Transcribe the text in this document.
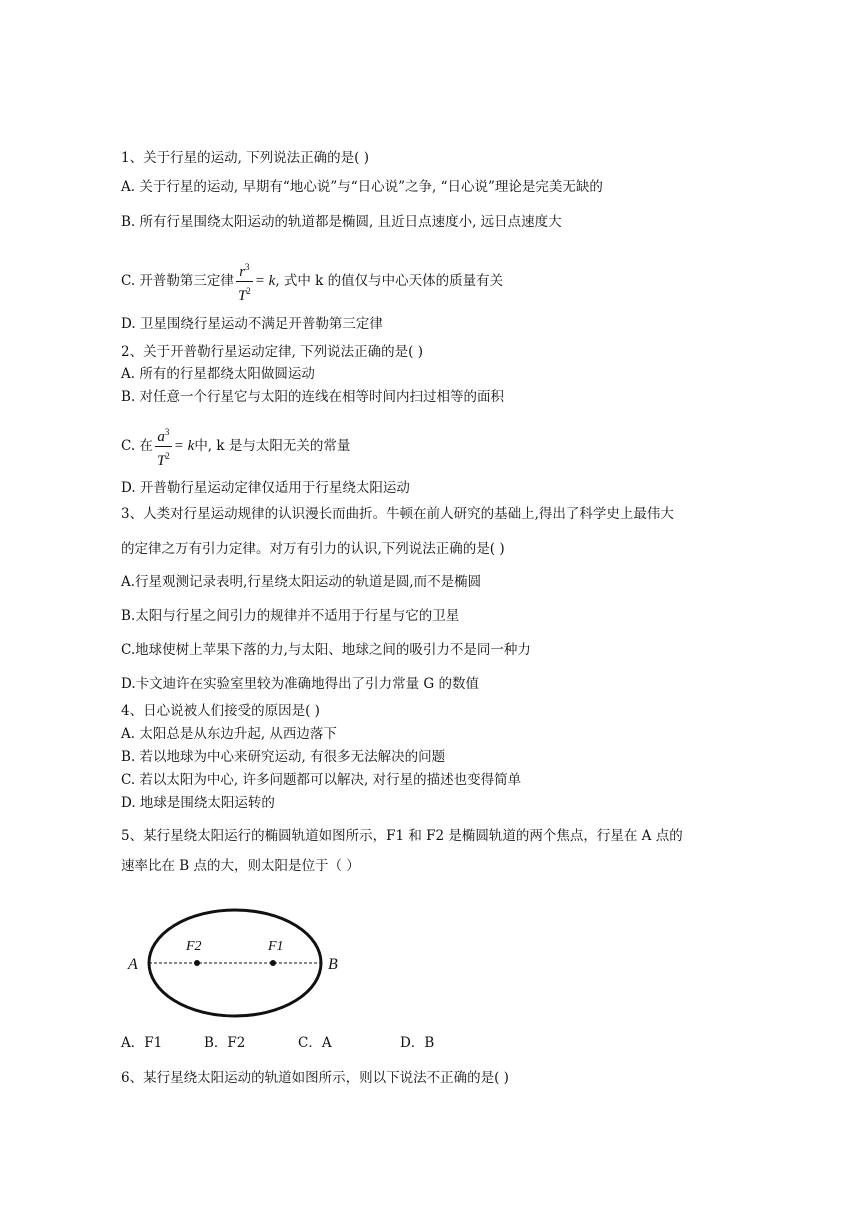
1、关于行星的运动, 下列说法正确的是( )
A. 关于行星的运动, 早期有“地心说”与“日心说”之争, “日心说”理论是完美无缺的
B. 所有行星围绕太阳运动的轨道都是椭圆, 且近日点速度小, 远日点速度大
C. 开普勒第三定律 $\frac{r^3}{T^2} = k$, 式中 k 的值仅与中心天体的质量有关
D. 卫星围绕行星运动不满足开普勒第三定律
2、关于开普勒行星运动定律, 下列说法正确的是( )
A. 所有的行星都绕太阳做圆运动
B. 对任意一个行星它与太阳的连线在相等时间内扫过相等的面积
C. 在 $\frac{a^3}{T^2} = k$中, k 是与太阳无关的常量
D. 开普勒行星运动定律仅适用于行星绕太阳运动
3、人类对行星运动规律的认识漫长而曲折。牛顿在前人研究的基础上,得出了科学史上最伟大
的定律之万有引力定律。对万有引力的认识,下列说法正确的是( )
A.行星观测记录表明,行星绕太阳运动的轨道是圆,而不是椭圆
B.太阳与行星之间引力的规律并不适用于行星与它的卫星
C.地球使树上苹果下落的力,与太阳、地球之间的吸引力不是同一种力
D.卡文迪许在实验室里较为准确地得出了引力常量 G 的数值
4、日心说被人们接受的原因是( )
A. 太阳总是从东边升起, 从西边落下
B. 若以地球为中心来研究运动, 有很多无法解决的问题
C. 若以太阳为中心, 许多问题都可以解决, 对行星的描述也变得简单
D. 地球是围绕太阳运转的
5、某行星绕太阳运行的椭圆轨道如图所示，F1 和 F2 是椭圆轨道的两个焦点，行星在 A 点的
速率比在 B 点的大，则太阳是位于（ ）
A	B
F2	F1
A．F1	B．F2	C．A	D．B
6、某行星绕太阳运动的轨道如图所示，则以下说法不正确的是( )
